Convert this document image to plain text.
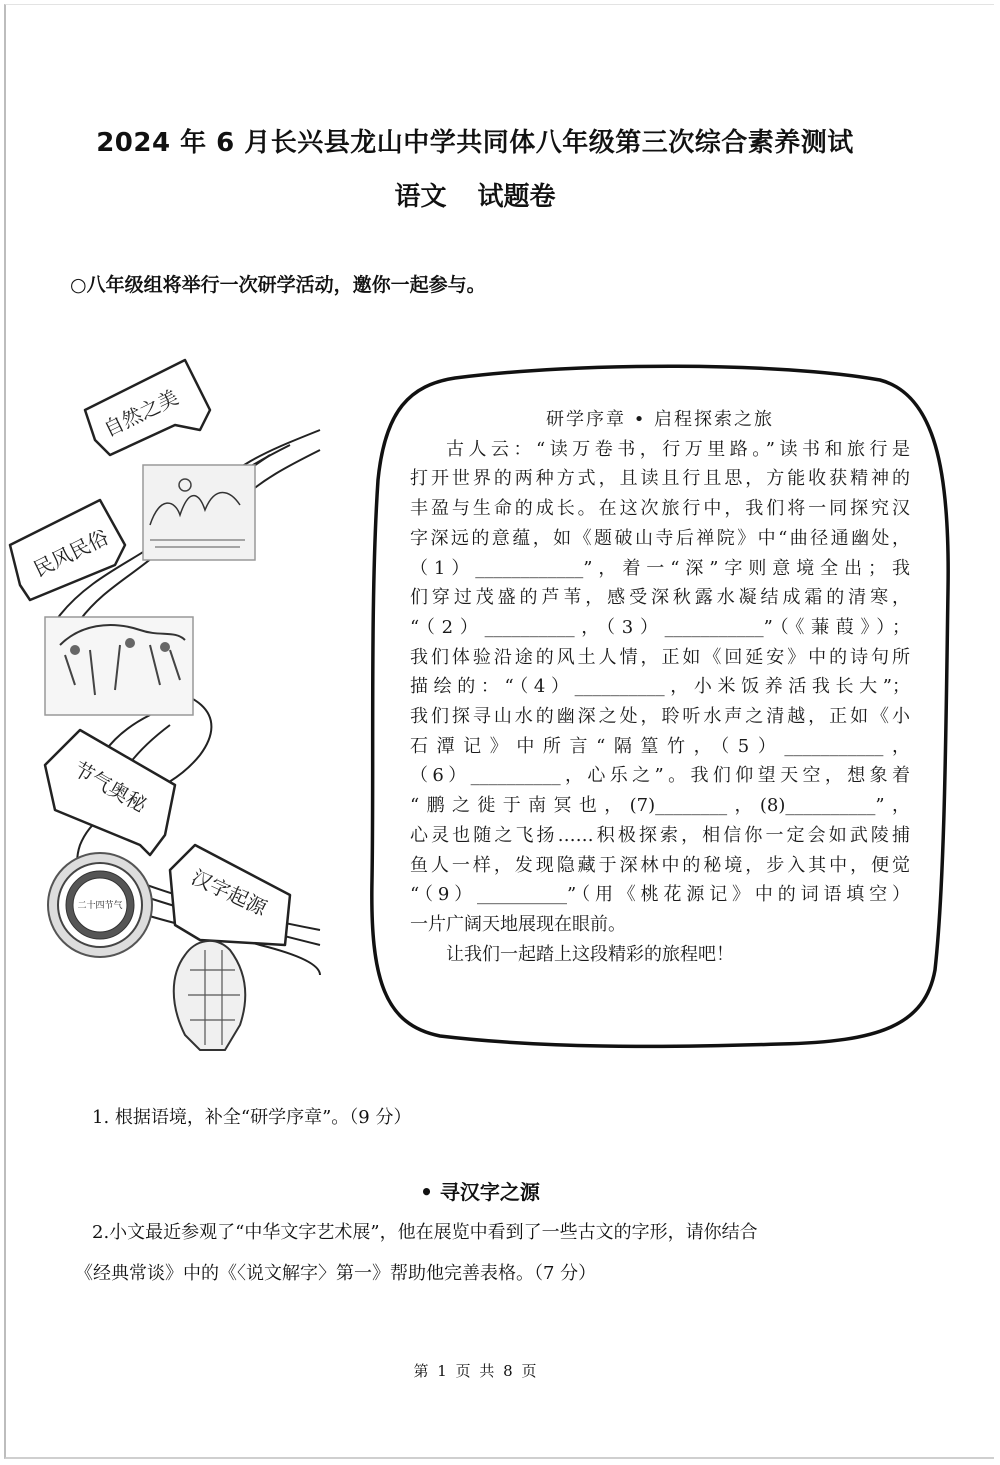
2024 年 6 月长兴县龙山中学共同体八年级第三次综合素养测试
语文 试题卷
○八年级组将举行一次研学活动，邀你一起参与。
自然之美
民风民俗
节气奥秘
汉字起源
二十四节气
研学序章 • 启程探索之旅

古人云：“读万卷书，行万里路。”读书和旅行是

打开世界的两种方式，且读且行且思，方能收获精神的

丰盈与生命的成长。在这次旅行中，我们将一同探究汉

字深远的意蕴，如《题破山寺后禅院》中“曲径通幽处，

（1）____________”，着一“深”字则意境全出；我

们穿过茂盛的芦苇，感受深秋露水凝结成霜的清寒，

“（2）__________，（3）___________”（《蒹葭》）；

我们体验沿途的风土人情，正如《回延安》中的诗句所

描绘的：“（4）__________，小米饭养活我长大”；

我们探寻山水的幽深之处，聆听水声之清越，正如《小

石潭记》中所言“隔篁竹，（5）___________，

（6）__________，心乐之”。我们仰望天空，想象着

“鹏之徙于南冥也，(7)________，(8)__________”，

心灵也随之飞扬……积极探索，相信你一定会如武陵捕

鱼人一样，发现隐藏于深林中的秘境，步入其中，便觉

“（9）__________”（用《桃花源记》中的词语填空）

一片广阔天地展现在眼前。

让我们一起踏上这段精彩的旅程吧！

1. 根据语境，补全“研学序章”。（9 分）
• 寻汉字之源
2.小文最近参观了“中华文字艺术展”，他在展览中看到了一些古文的字形，请你结合
《经典常谈》中的《〈说文解字〉第一》帮助他完善表格。（7 分）
第 1 页 共 8 页
